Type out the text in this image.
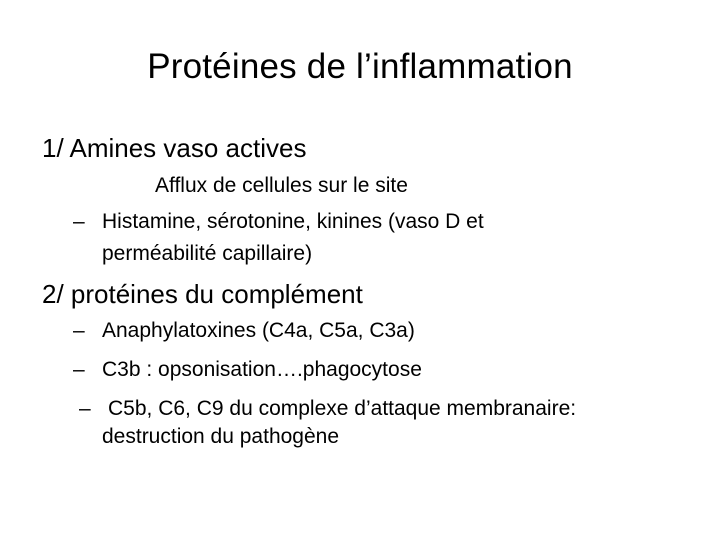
Protéines de l’inflammation
1/ Amines vaso actives
Afflux de cellules sur le site
– Histamine, sérotonine, kinines (vaso D et
perméabilité capillaire)
2/ protéines du complément
– Anaphylatoxines (C4a, C5a, C3a)
– C3b : opsonisation….phagocytose
– C5b, C6, C9 du complexe d’attaque membranaire:
destruction du pathogène
